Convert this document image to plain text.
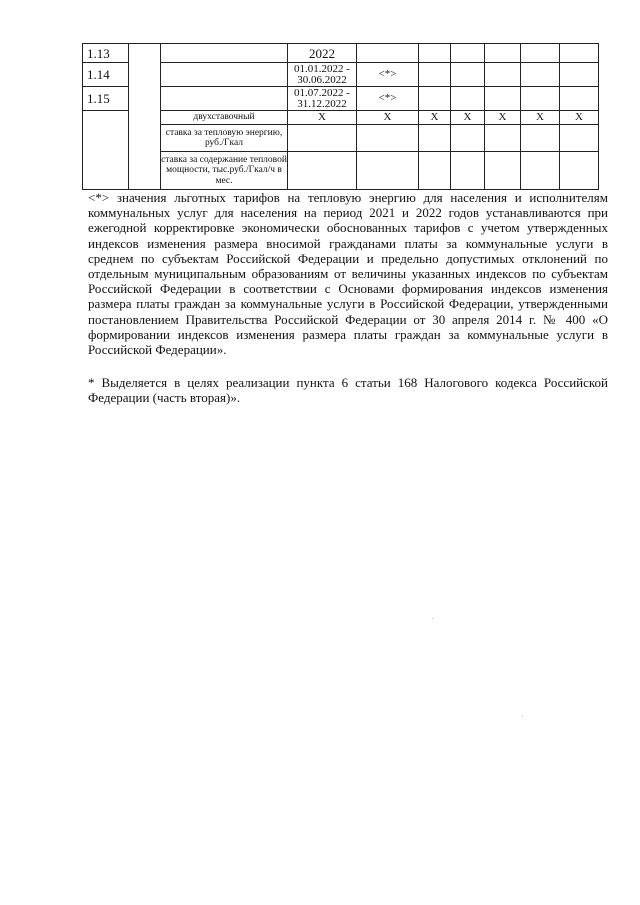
1.13			2022						
1.14			01.01.2022 - 30.06.2022	<*>					
1.15			01.07.2022 - 31.12.2022	<*>					
		двухставочный	X	X	X	X	X	X	X
		ставка за тепловую энергию, руб./Гкал							
		ставка за содержание тепловой мощности, тыс.руб./Гкал/ч в мес.							

<*> значения льготных тарифов на тепловую энергию для населения и исполнителям коммунальных услуг для населения на период 2021 и 2022 годов устанавливаются при ежегодной корректировке экономически обоснованных тарифов с учетом утвержденных индексов изменения размера вносимой гражданами платы за коммунальные услуги в среднем по субъектам Российской Федерации и предельно допустимых отклонений по отдельным муниципальным образованиям от величины указанных индексов по субъектам Российской Федерации в соответствии с Основами формирования индексов изменения размера платы граждан за коммунальные услуги в Российской Федерации, утвержденными постановлением Правительства Российской Федерации от 30 апреля 2014 г. № 400 «О формировании индексов изменения размера платы граждан за коммунальные услуги в Российской Федерации».

* Выделяется в целях реализации пункта 6 статьи 168 Налогового кодекса Российской Федерации (часть вторая)».
